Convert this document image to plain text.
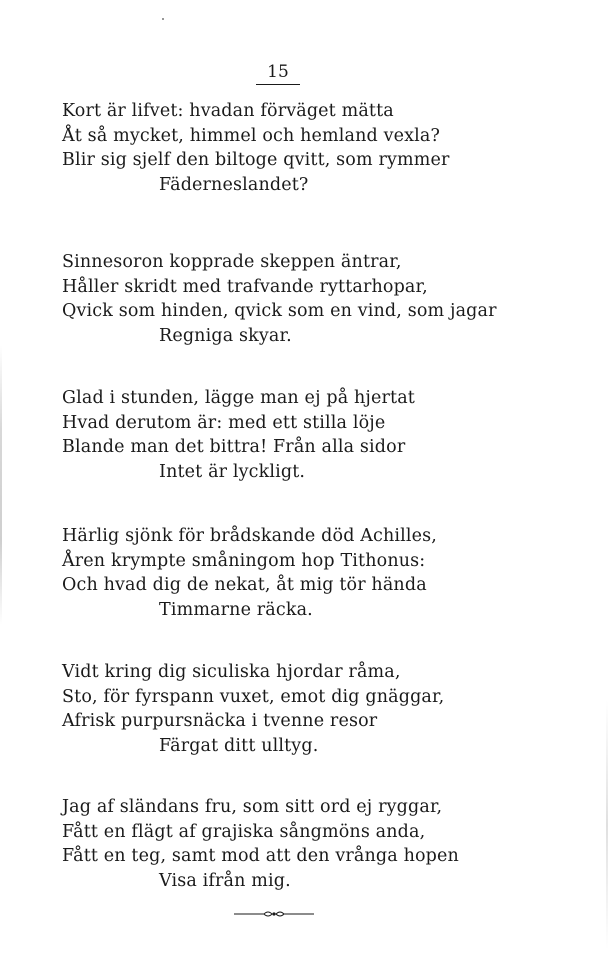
15
Kort är lifvet: hvadan förväget mätta
Åt så mycket, himmel och hemland vexla?
Blir sig sjelf den biltoge qvitt, som rymmer
Fäderneslandet?
Sinnesoron kopprade skeppen äntrar,
Håller skridt med trafvande ryttarhopar,
Qvick som hinden, qvick som en vind, som jagar
Regniga skyar.
Glad i stunden, lägge man ej på hjertat
Hvad derutom är: med ett stilla löje
Blande man det bittra! Från alla sidor
Intet är lyckligt.
Härlig sjönk för brådskande död Achilles,
Åren krympte småningom hop Tithonus:
Och hvad dig de nekat, åt mig tör hända
Timmarne räcka.
Vidt kring dig siculiska hjordar råma,
Sto, för fyrspann vuxet, emot dig gnäggar,
Afrisk purpursnäcka i tvenne resor
Färgat ditt ulltyg.
Jag af sländans fru, som sitt ord ej ryggar,
Fått en flägt af grajiska sångmöns anda,
Fått en teg, samt mod att den vrånga hopen
Visa ifrån mig.
